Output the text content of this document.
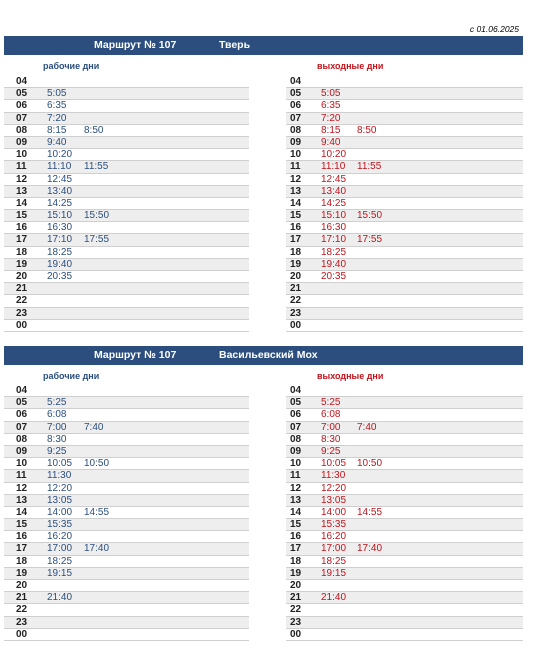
с 01.06.2025
Маршрут № 107	Тверь
рабочие дни	выходные дни
04
05 5:05
06 6:35
07 7:20
08 8:15 8:50
09 9:40
10 10:20
11 11:10 11:55
12 12:45
13 13:40
14 14:25
15 15:10 15:50
16 16:30
17 17:10 17:55
18 18:25
19 19:40
20 20:35
21
22
23
00
04
05 5:05
06 6:35
07 7:20
08 8:15 8:50
09 9:40
10 10:20
11 11:10 11:55
12 12:45
13 13:40
14 14:25
15 15:10 15:50
16 16:30
17 17:10 17:55
18 18:25
19 19:40
20 20:35
21
22
23
00
Маршрут № 107	Васильевский Мох
рабочие дни	выходные дни
04
05 5:25
06 6:08
07 7:00 7:40
08 8:30
09 9:25
10 10:05 10:50
11 11:30
12 12:20
13 13:05
14 14:00 14:55
15 15:35
16 16:20
17 17:00 17:40
18 18:25
19 19:15
20
21 21:40
22
23
00
04
05 5:25
06 6:08
07 7:00 7:40
08 8:30
09 9:25
10 10:05 10:50
11 11:30
12 12:20
13 13:05
14 14:00 14:55
15 15:35
16 16:20
17 17:00 17:40
18 18:25
19 19:15
20
21 21:40
22
23
00
